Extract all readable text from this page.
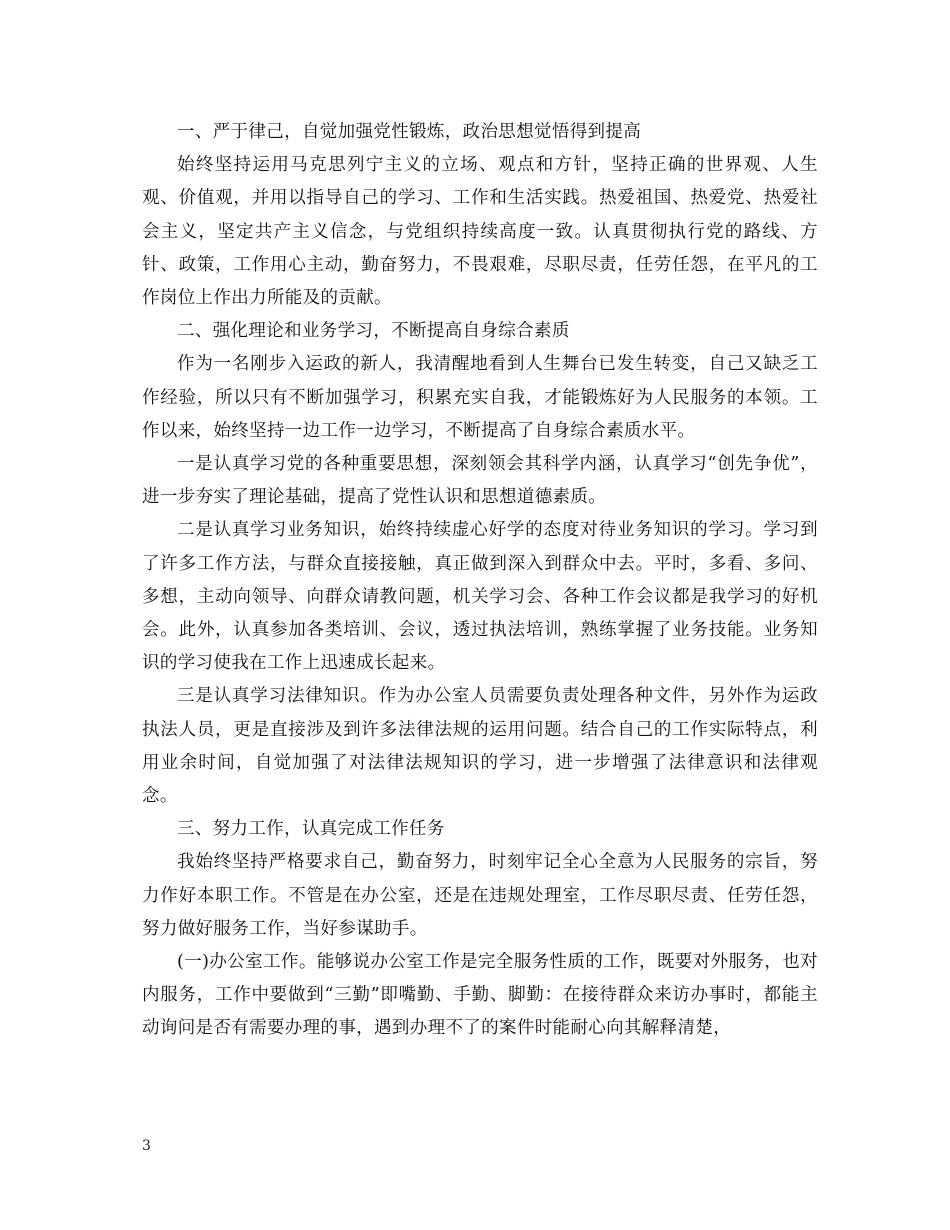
一、严于律己，自觉加强党性锻炼，政治思想觉悟得到提高

始终坚持运用马克思列宁主义的立场、观点和方针，坚持正确的世界观、人生观、价值观，并用以指导自己的学习、工作和生活实践。热爱祖国、热爱党、热爱社会主义，坚定共产主义信念，与党组织持续高度一致。认真贯彻执行党的路线、方针、政策，工作用心主动，勤奋努力，不畏艰难，尽职尽责，任劳任怨，在平凡的工作岗位上作出力所能及的贡献。

二、强化理论和业务学习，不断提高自身综合素质

作为一名刚步入运政的新人，我清醒地看到人生舞台已发生转变，自己又缺乏工作经验，所以只有不断加强学习，积累充实自我，才能锻炼好为人民服务的本领。工作以来，始终坚持一边工作一边学习，不断提高了自身综合素质水平。

一是认真学习党的各种重要思想，深刻领会其科学内涵，认真学习“创先争优”，进一步夯实了理论基础，提高了党性认识和思想道德素质。

二是认真学习业务知识，始终持续虚心好学的态度对待业务知识的学习。学习到了许多工作方法，与群众直接接触，真正做到深入到群众中去。平时，多看、多问、多想，主动向领导、向群众请教问题，机关学习会、各种工作会议都是我学习的好机会。此外，认真参加各类培训、会议，透过执法培训，熟练掌握了业务技能。业务知识的学习使我在工作上迅速成长起来。

三是认真学习法律知识。作为办公室人员需要负责处理各种文件，另外作为运政执法人员，更是直接涉及到许多法律法规的运用问题。结合自己的工作实际特点，利用业余时间，自觉加强了对法律法规知识的学习，进一步增强了法律意识和法律观念。

三、努力工作，认真完成工作任务

我始终坚持严格要求自己，勤奋努力，时刻牢记全心全意为人民服务的宗旨，努力作好本职工作。不管是在办公室，还是在违规处理室，工作尽职尽责、任劳任怨，努力做好服务工作，当好参谋助手。

(一)办公室工作。能够说办公室工作是完全服务性质的工作，既要对外服务，也对内服务，工作中要做到“三勤”即嘴勤、手勤、脚勤：在接待群众来访办事时，都能主动询问是否有需要办理的事，遇到办理不了的案件时能耐心向其解释清楚，

3
